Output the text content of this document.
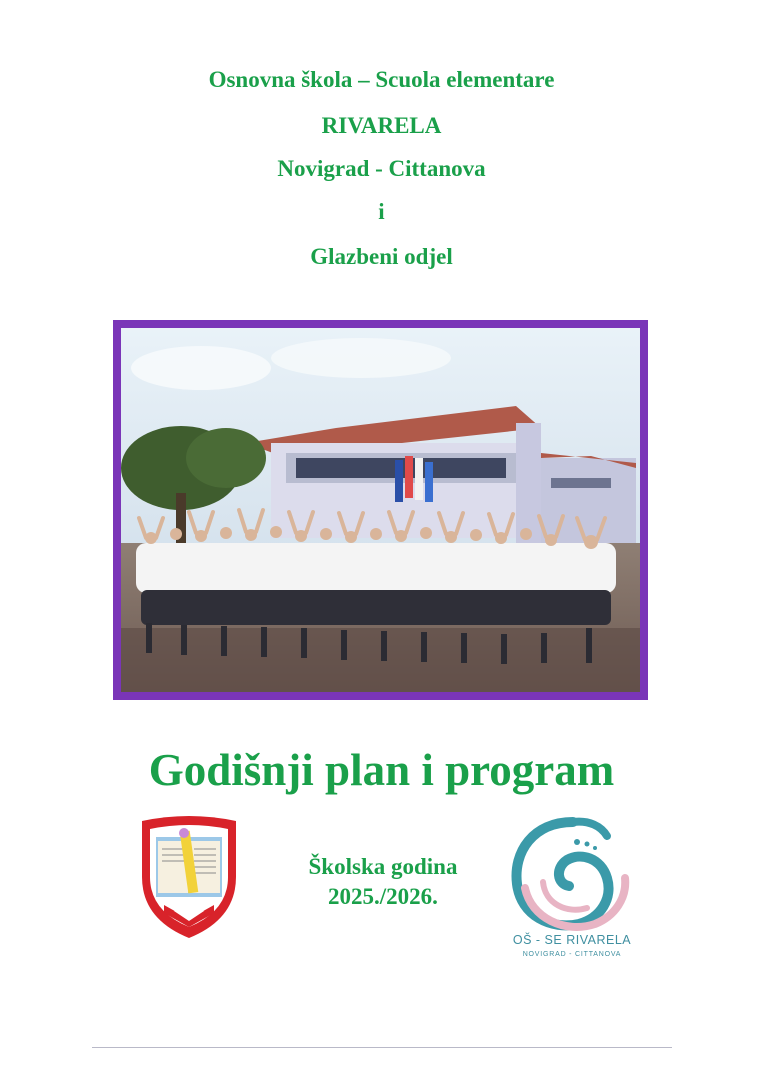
Osnovna škola – Scuola elementare
RIVARELA
Novigrad - Cittanova
i
Glazbeni odjel
Godišnji plan i program
Školska godina
2025./2026.
OŠ - SE RIVARELA
NOVIGRAD - CITTANOVA
